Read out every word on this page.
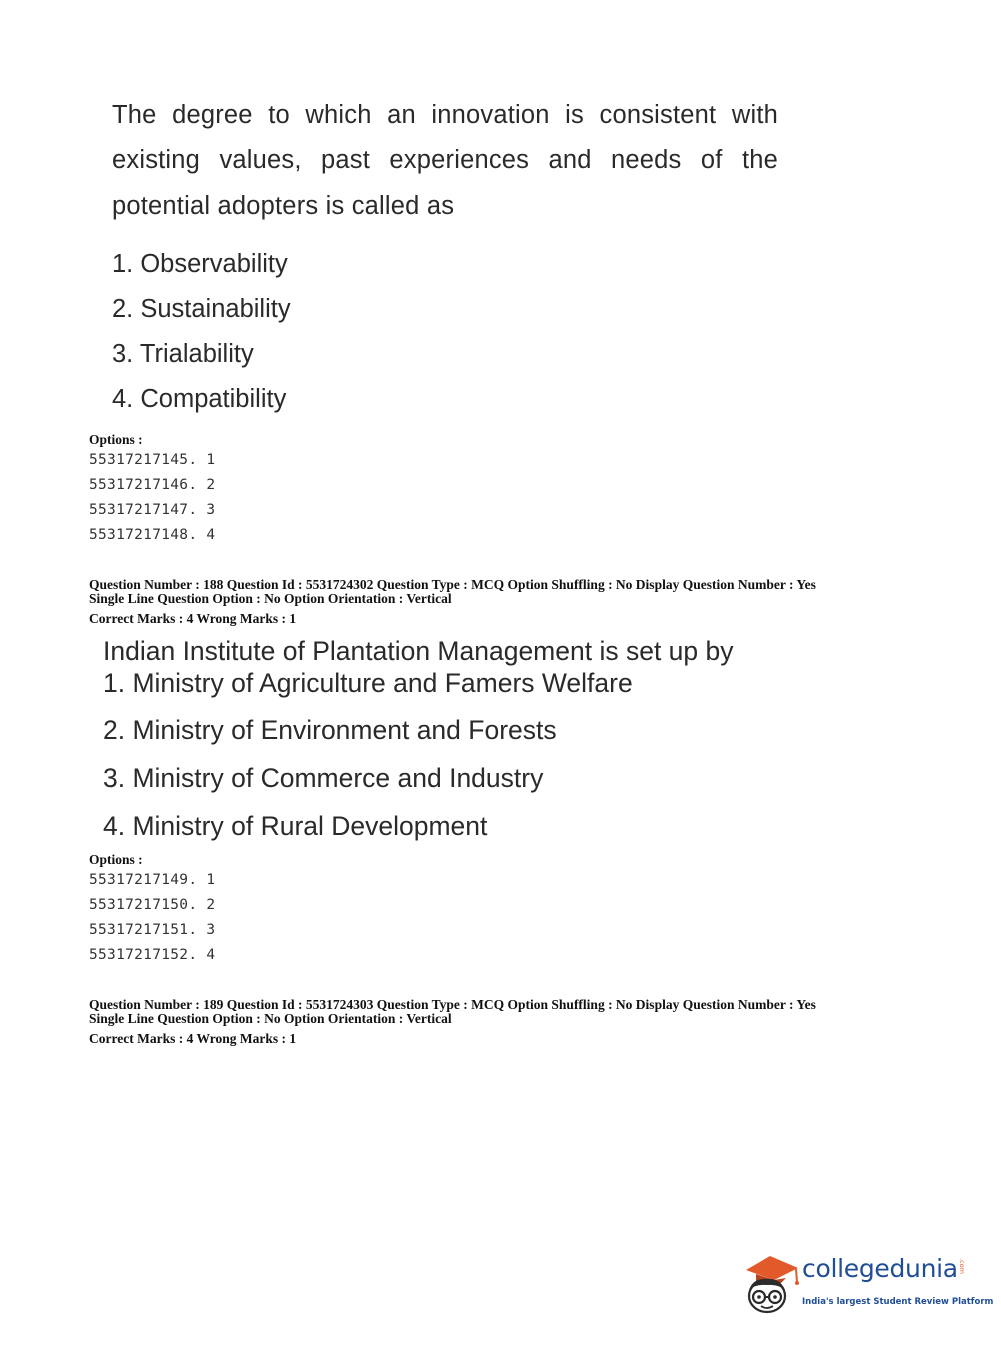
The degree to which an innovation is consistent with
existing values, past experiences and needs of the
potential adopters is called as
1. Observability
2. Sustainability
3. Trialability
4. Compatibility
Options :
55317217145. 1
55317217146. 2
55317217147. 3
55317217148. 4
Question Number : 188 Question Id : 5531724302 Question Type : MCQ Option Shuffling : No Display Question Number : Yes
Single Line Question Option : No Option Orientation : Vertical
Correct Marks : 4 Wrong Marks : 1
Indian Institute of Plantation Management is set up by
1. Ministry of Agriculture and Famers Welfare
2. Ministry of Environment and Forests
3. Ministry of Commerce and Industry
4. Ministry of Rural Development
Options :
55317217149. 1
55317217150. 2
55317217151. 3
55317217152. 4
Question Number : 189 Question Id : 5531724303 Question Type : MCQ Option Shuffling : No Display Question Number : Yes
Single Line Question Option : No Option Orientation : Vertical
Correct Marks : 4 Wrong Marks : 1
collegedunia .com
India's largest Student Review Platform
